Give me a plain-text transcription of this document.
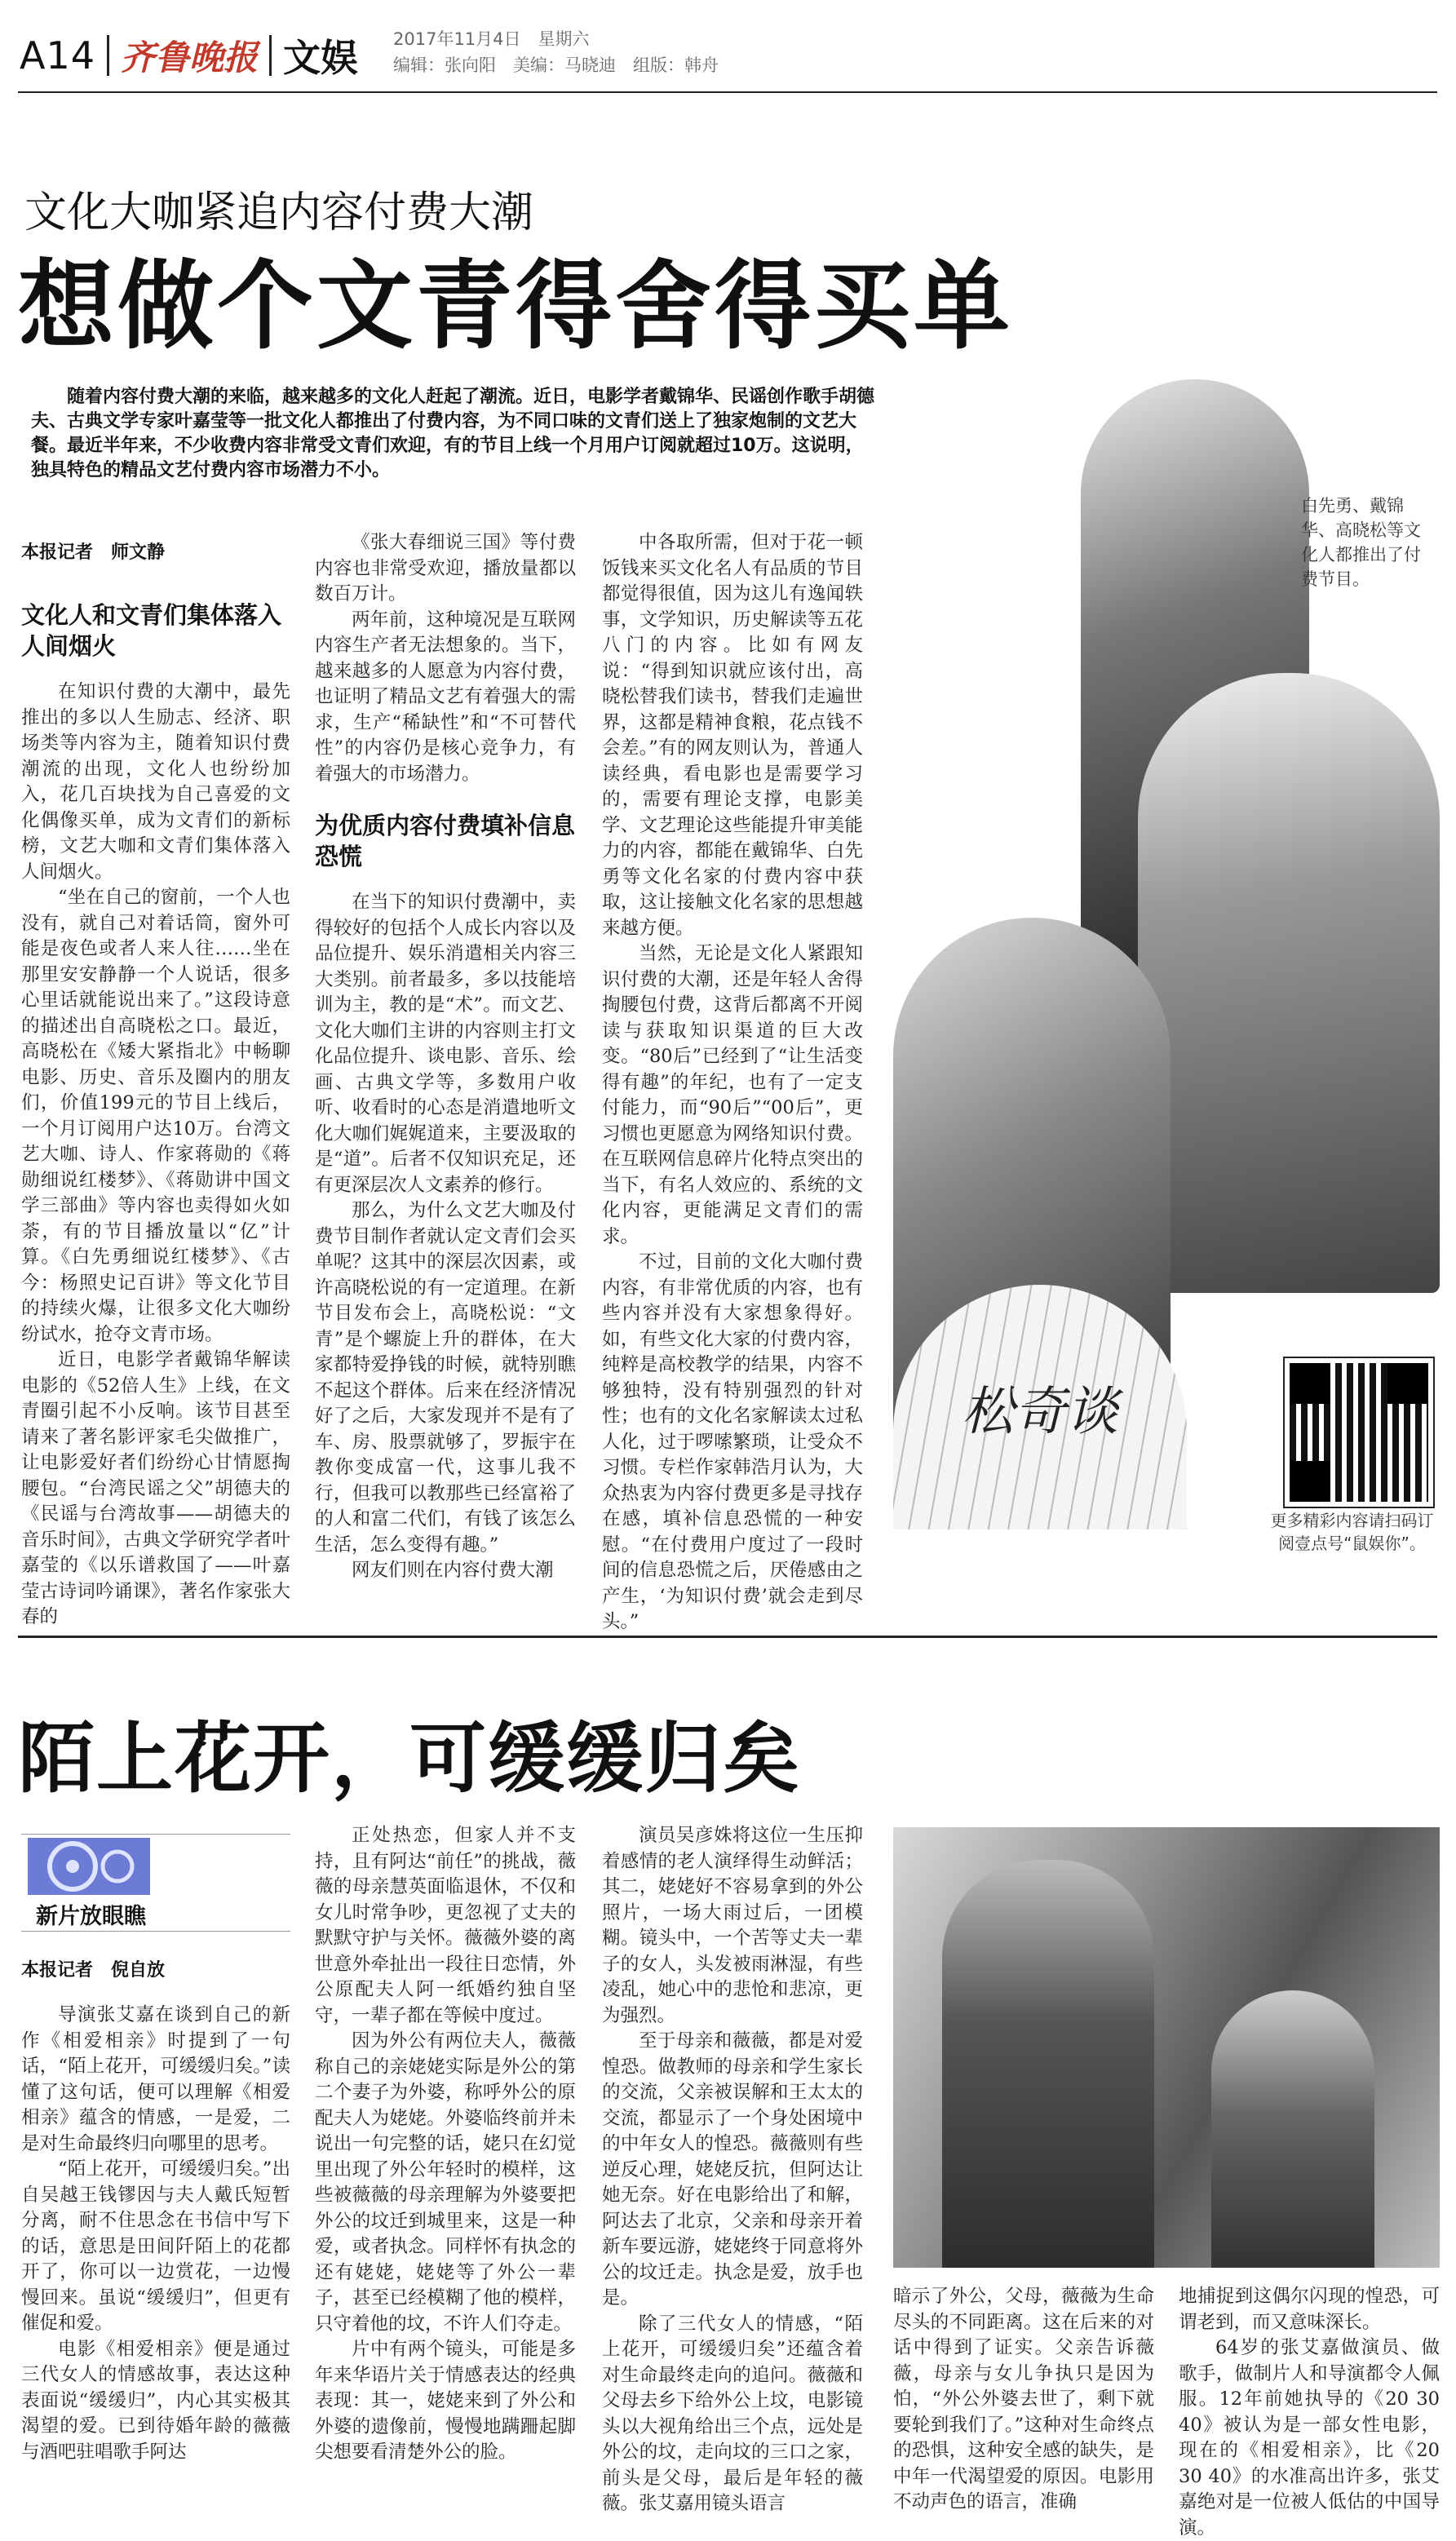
A14 齐鲁晚报 文娱 2017年11月4日　星期六
编辑：张向阳　美编：马晓迪　组版：韩舟
文化大咖紧追内容付费大潮
想做个文青得舍得买单
随着内容付费大潮的来临，越来越多的文化人赶起了潮流。近日，电影学者戴锦华、民谣创作歌手胡德夫、古典文学专家叶嘉莹等一批文化人都推出了付费内容，为不同口味的文青们送上了独家炮制的文艺大餐。最近半年来，不少收费内容非常受文青们欢迎，有的节目上线一个月用户订阅就超过10万。这说明，独具特色的精品文艺付费内容市场潜力不小。
本报记者　师文静
文化人和文青们集体落入人间烟火

在知识付费的大潮中，最先推出的多以人生励志、经济、职场类等内容为主，随着知识付费潮流的出现，文化人也纷纷加入，花几百块找为自己喜爱的文化偶像买单，成为文青们的新标榜，文艺大咖和文青们集体落入人间烟火。

“坐在自己的窗前，一个人也没有，就自己对着话筒，窗外可能是夜色或者人来人往……坐在那里安安静静一个人说话，很多心里话就能说出来了。”这段诗意的描述出自高晓松之口。最近，高晓松在《矮大紧指北》中畅聊电影、历史、音乐及圈内的朋友们，价值199元的节目上线后，一个月订阅用户达10万。台湾文艺大咖、诗人、作家蒋勋的《蒋勋细说红楼梦》、《蒋勋讲中国文学三部曲》等内容也卖得如火如荼，有的节目播放量以“亿”计算。《白先勇细说红楼梦》、《古今：杨照史记百讲》等文化节目的持续火爆，让很多文化大咖纷纷试水，抢夺文青市场。

近日，电影学者戴锦华解读电影的《52倍人生》上线，在文青圈引起不小反响。该节目甚至请来了著名影评家毛尖做推广，让电影爱好者们纷纷心甘情愿掏腰包。“台湾民谣之父”胡德夫的《民谣与台湾故事——胡德夫的音乐时间》，古典文学研究学者叶嘉莹的《以乐谱救国了——叶嘉莹古诗词吟诵课》，著名作家张大春的

《张大春细说三国》等付费内容也非常受欢迎，播放量都以数百万计。

两年前，这种境况是互联网内容生产者无法想象的。当下，越来越多的人愿意为内容付费，也证明了精品文艺有着强大的需求，生产“稀缺性”和“不可替代性”的内容仍是核心竞争力，有着强大的市场潜力。

为优质内容付费填补信息恐慌

在当下的知识付费潮中，卖得较好的包括个人成长内容以及品位提升、娱乐消遣相关内容三大类别。前者最多，多以技能培训为主，教的是“术”。而文艺、文化大咖们主讲的内容则主打文化品位提升、谈电影、音乐、绘画、古典文学等，多数用户收听、收看时的心态是消遣地听文化大咖们娓娓道来，主要汲取的是“道”。后者不仅知识充足，还有更深层次人文素养的修行。

那么，为什么文艺大咖及付费节目制作者就认定文青们会买单呢？这其中的深层次因素，或许高晓松说的有一定道理。在新节目发布会上，高晓松说：“文青”是个螺旋上升的群体，在大家都特爱挣钱的时候，就特别瞧不起这个群体。后来在经济情况好了之后，大家发现并不是有了车、房、股票就够了，罗振宇在教你变成富一代，这事儿我不行，但我可以教那些已经富裕了的人和富二代们，有钱了该怎么生活，怎么变得有趣。”

网友们则在内容付费大潮

中各取所需，但对于花一顿饭钱来买文化名人有品质的节目都觉得很值，因为这儿有逸闻轶事，文学知识，历史解读等五花八门的内容。比如有网友说：“得到知识就应该付出，高晓松替我们读书，替我们走遍世界，这都是精神食粮，花点钱不会差。”有的网友则认为，普通人读经典，看电影也是需要学习的，需要有理论支撑，电影美学、文艺理论这些能提升审美能力的内容，都能在戴锦华、白先勇等文化名家的付费内容中获取，这让接触文化名家的思想越来越方便。

当然，无论是文化人紧跟知识付费的大潮，还是年轻人舍得掏腰包付费，这背后都离不开阅读与获取知识渠道的巨大改变。“80后”已经到了“让生活变得有趣”的年纪，也有了一定支付能力，而“90后”“00后”，更习惯也更愿意为网络知识付费。在互联网信息碎片化特点突出的当下，有名人效应的、系统的文化内容，更能满足文青们的需求。

不过，目前的文化大咖付费内容，有非常优质的内容，也有些内容并没有大家想象得好。如，有些文化大家的付费内容，纯粹是高校教学的结果，内容不够独特，没有特别强烈的针对性；也有的文化名家解读太过私人化，过于啰嗦繁琐，让受众不习惯。专栏作家韩浩月认为，大众热衷为内容付费更多是寻找存在感，填补信息恐慌的一种安慰。“在付费用户度过了一段时间的信息恐慌之后，厌倦感由之产生，‘为知识付费’就会走到尽头。”

松奇谈
白先勇、戴锦华、高晓松等文化人都推出了付费节目。
更多精彩内容请扫码订阅壹点号“鼠娱你”。
陌上花开，可缓缓归矣
新片放眼瞧
本报记者　倪自放

导演张艾嘉在谈到自己的新作《相爱相亲》时提到了一句话，“陌上花开，可缓缓归矣。”读懂了这句话，便可以理解《相爱相亲》蕴含的情感，一是爱，二是对生命最终归向哪里的思考。

“陌上花开，可缓缓归矣。”出自吴越王钱镠因与夫人戴氏短暂分离，耐不住思念在书信中写下的话，意思是田间阡陌上的花都开了，你可以一边赏花，一边慢慢回来。虽说“缓缓归”，但更有催促和爱。

电影《相爱相亲》便是通过三代女人的情感故事，表达这种表面说“缓缓归”，内心其实极其渴望的爱。已到待婚年龄的薇薇与酒吧驻唱歌手阿达

正处热恋，但家人并不支持，且有阿达“前任”的挑战，薇薇的母亲慧英面临退休，不仅和女儿时常争吵，更忽视了丈夫的默默守护与关怀。薇薇外婆的离世意外牵扯出一段往日恋情，外公原配夫人阿一纸婚约独自坚守，一辈子都在等候中度过。

因为外公有两位夫人，薇薇称自己的亲姥姥实际是外公的第二个妻子为外婆，称呼外公的原配夫人为姥姥。外婆临终前并未说出一句完整的话，姥只在幻觉里出现了外公年轻时的模样，这些被薇薇的母亲理解为外婆要把外公的坟迁到城里来，这是一种爱，或者执念。同样怀有执念的还有姥姥，姥姥等了外公一辈子，甚至已经模糊了他的模样，只守着他的坟，不许人们夺走。

片中有两个镜头，可能是多年来华语片关于情感表达的经典表现：其一，姥姥来到了外公和外婆的遗像前，慢慢地蹒跚起脚尖想要看清楚外公的脸。

演员吴彦姝将这位一生压抑着感情的老人演绎得生动鲜活；其二，姥姥好不容易拿到的外公照片，一场大雨过后，一团模糊。镜头中，一个苦等丈夫一辈子的女人，头发被雨淋湿，有些凌乱，她心中的悲怆和悲凉，更为强烈。

至于母亲和薇薇，都是对爱惶恐。做教师的母亲和学生家长的交流，父亲被误解和王太太的交流，都显示了一个身处困境中的中年女人的惶恐。薇薇则有些逆反心理，姥姥反抗，但阿达让她无奈。好在电影给出了和解，阿达去了北京，父亲和母亲开着新车要远游，姥姥终于同意将外公的坟迁走。执念是爱，放手也是。

除了三代女人的情感，“陌上花开，可缓缓归矣”还蕴含着对生命最终走向的追问。薇薇和父母去乡下给外公上坟，电影镜头以大视角给出三个点，远处是外公的坟，走向坟的三口之家，前头是父母，最后是年轻的薇薇。张艾嘉用镜头语言

暗示了外公，父母，薇薇为生命尽头的不同距离。这在后来的对话中得到了证实。父亲告诉薇薇，母亲与女儿争执只是因为怕，“外公外婆去世了，剩下就要轮到我们了。”这种对生命终点的恐惧，这种安全感的缺失，是中年一代渴望爱的原因。电影用不动声色的语言，准确

地捕捉到这偶尔闪现的惶恐，可谓老到，而又意味深长。

64岁的张艾嘉做演员、做歌手，做制片人和导演都令人佩服。12年前她执导的《20 30 40》被认为是一部女性电影，现在的《相爱相亲》，比《20 30 40》的水准高出许多，张艾嘉绝对是一位被人低估的中国导演。
